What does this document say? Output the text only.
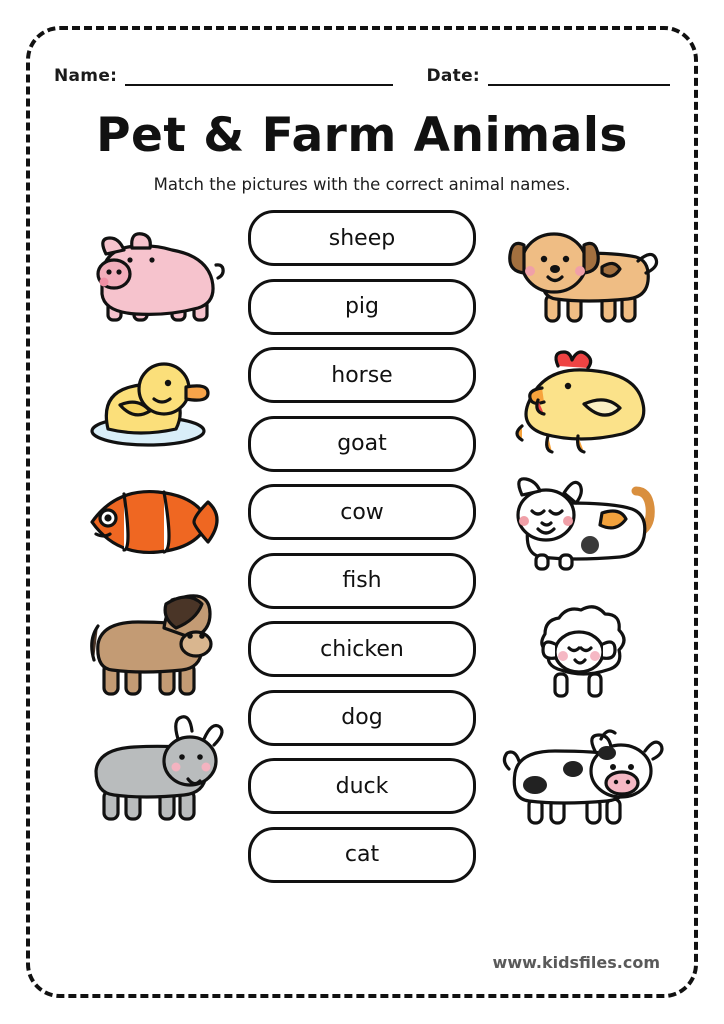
Name:	Date:
Pet & Farm Animals
Match the pictures with the correct animal names.
sheep
pig
horse
goat
cow
fish
chicken
dog
duck
cat
www.kidsfiles.com
